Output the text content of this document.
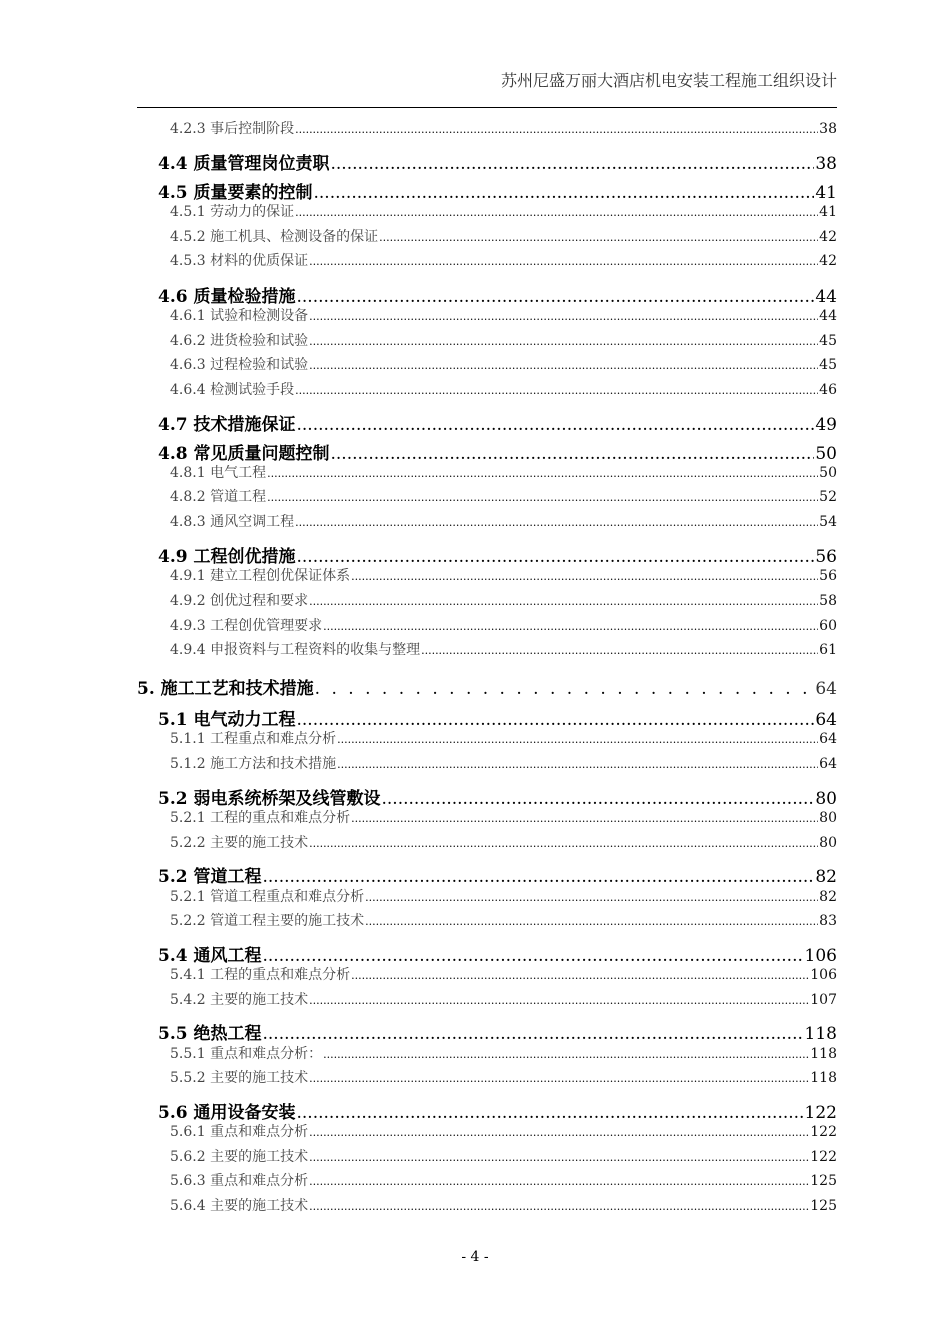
苏州尼盛万丽大酒店机电安装工程施工组织设计
4.2.3 事后控制阶段 .....	38
4.4 质量管理岗位责职 .....	38
4.5 质量要素的控制 .....	41
4.5.1 劳动力的保证 .....	41
4.5.2 施工机具、检测设备的保证 .....	42
4.5.3 材料的优质保证 .....	42
4.6 质量检验措施 .....	44
4.6.1 试验和检测设备 .....	44
4.6.2 进货检验和试验 .....	45
4.6.3 过程检验和试验 .....	45
4.6.4 检测试验手段 .....	46
4.7 技术措施保证 .....	49
4.8 常见质量问题控制 .....	50
4.8.1 电气工程 .....	50
4.8.2 管道工程 .....	52
4.8.3 通风空调工程 .....	54
4.9 工程创优措施 .....	56
4.9.1 建立工程创优保证体系 .....	56
4.9.2 创优过程和要求 .....	58
4.9.3 工程创优管理要求 .....	60
4.9.4 申报资料与工程资料的收集与整理 .....	61
5. 施工工艺和技术措施 . . .	64
5.1 电气动力工程 .....	64
5.1.1 工程重点和难点分析 .....	64
5.1.2 施工方法和技术措施 .....	64
5.2 弱电系统桥架及线管敷设 .....	80
5.2.1 工程的重点和难点分析 .....	80
5.2.2 主要的施工技术 .....	80
5.2 管道工程 .....	82
5.2.1 管道工程重点和难点分析 .....	82
5.2.2 管道工程主要的施工技术 .....	83
5.4 通风工程 .....	106
5.4.1 工程的重点和难点分析 .....	106
5.4.2 主要的施工技术 .....	107
5.5 绝热工程 .....	118
5.5.1 重点和难点分析： .....	118
5.5.2 主要的施工技术 .....	118
5.6 通用设备安装 .....	122
5.6.1 重点和难点分析 .....	122
5.6.2 主要的施工技术 .....	122
5.6.3 重点和难点分析 .....	125
5.6.4 主要的施工技术 .....	125
- 4 -
